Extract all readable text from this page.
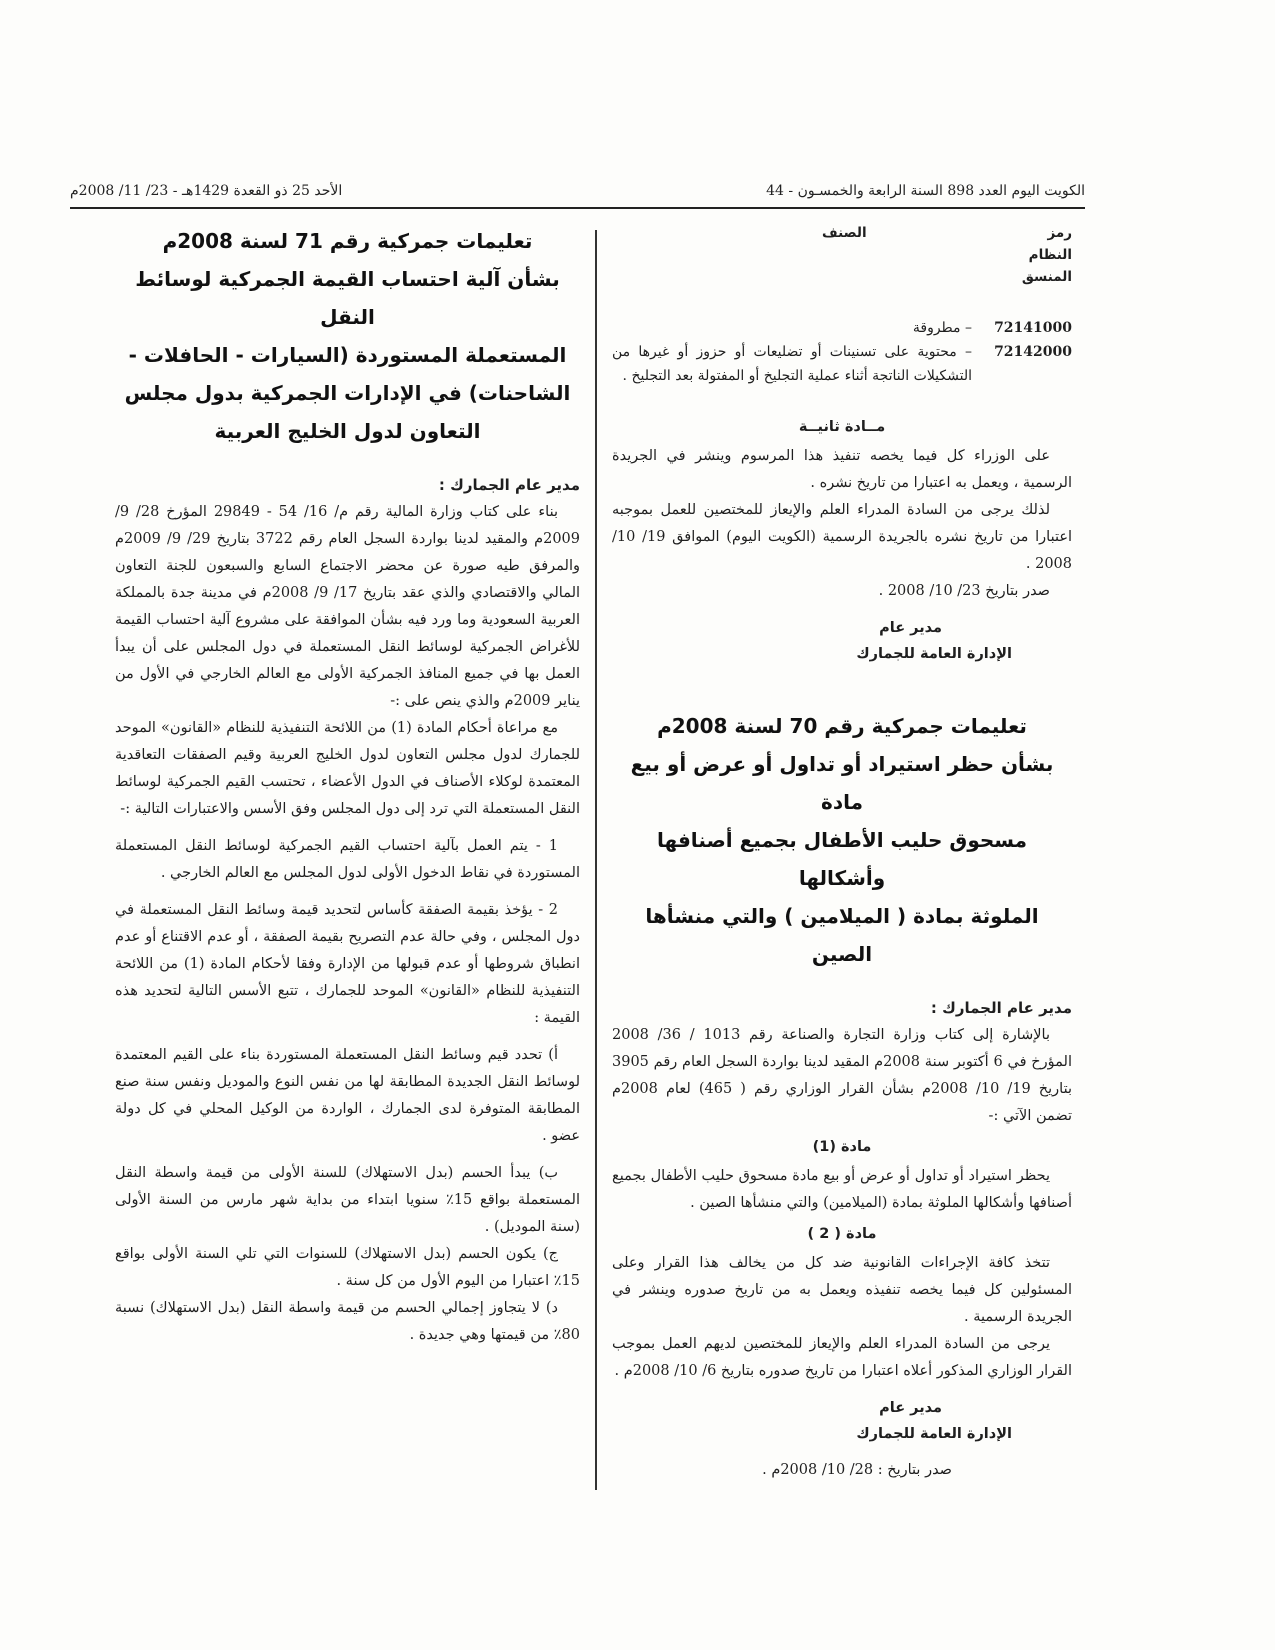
الكويت اليوم العدد 898 السنة الرابعة والخمسـون - 44
الأحد 25 ذو القعدة 1429هـ - 23/ 11/ 2008م
رمز النظام المنسق
الصنف
72141000
– مطروقة
72142000
– محتوية على تسنينات أو تضليعات أو حزوز أو غيرها من التشكيلات الناتجة أثناء عملية التجليخ أو المفتولة بعد التجليخ .
مــادة ثانيــة

على الوزراء كل فيما يخصه تنفيذ هذا المرسوم وينشر في الجريدة الرسمية ، ويعمل به اعتبارا من تاريخ نشره .

لذلك يرجى من السادة المدراء العلم والإيعاز للمختصين للعمل بموجبه اعتبارا من تاريخ نشره بالجريدة الرسمية (الكويت اليوم) الموافق 19/ 10/ 2008 .

صدر بتاريخ 23/ 10/ 2008 .

مدير عام
الإدارة العامة للجمارك
تعليمات جمركية رقم 70 لسنة 2008م
بشأن حظر استيراد أو تداول أو عرض أو بيع مادة
مسحوق حليب الأطفال بجميع أصنافها وأشكالها
الملوثة بمادة ( الميلامين ) والتي منشأها الصين
مدير عام الجمارك :

بالإشارة إلى كتاب وزارة التجارة والصناعة رقم 1013 / 36/ 2008 المؤرخ في 6 أكتوبر سنة 2008م المقيد لدينا بواردة السجل العام رقم 3905 بتاريخ 19/ 10/ 2008م بشأن القرار الوزاري رقم ( 465) لعام 2008م تضمن الآتي :-

مادة (1)

يحظر استيراد أو تداول أو عرض أو بيع مادة مسحوق حليب الأطفال بجميع أصنافها وأشكالها الملوثة بمادة (الميلامين) والتي منشأها الصين .

مادة ( 2 )

تتخذ كافة الإجراءات القانونية ضد كل من يخالف هذا القرار وعلى المسئولين كل فيما يخصه تنفيذه ويعمل به من تاريخ صدوره وينشر في الجريدة الرسمية .

يرجى من السادة المدراء العلم والإيعاز للمختصين لديهم العمل بموجب القرار الوزاري المذكور أعلاه اعتبارا من تاريخ صدوره بتاريخ 6/ 10/ 2008م .

مدير عام
الإدارة العامة للجمارك

صدر بتاريخ : 28/ 10/ 2008م .

تعليمات جمركية رقم 71 لسنة 2008م
بشأن آلية احتساب القيمة الجمركية لوسائط النقل
المستعملة المستوردة (السيارات - الحافلات -
الشاحنات) في الإدارات الجمركية بدول مجلس
التعاون لدول الخليج العربية
مدير عام الجمارك :

بناء على كتاب وزارة المالية رقم م/ 16/ 54 - 29849 المؤرخ 28/ 9/ 2009م والمقيد لدينا بواردة السجل العام رقم 3722 بتاريخ 29/ 9/ 2009م والمرفق طيه صورة عن محضر الاجتماع السابع والسبعون للجنة التعاون المالي والاقتصادي والذي عقد بتاريخ 17/ 9/ 2008م في مدينة جدة بالمملكة العربية السعودية وما ورد فيه بشأن الموافقة على مشروع آلية احتساب القيمة للأغراض الجمركية لوسائط النقل المستعملة في دول المجلس على أن يبدأ العمل بها في جميع المنافذ الجمركية الأولى مع العالم الخارجي في الأول من يناير 2009م والذي ينص على :-

مع مراعاة أحكام المادة (1) من اللائحة التنفيذية للنظام «القانون» الموحد للجمارك لدول مجلس التعاون لدول الخليج العربية وقيم الصفقات التعاقدية المعتمدة لوكلاء الأصناف في الدول الأعضاء ، تحتسب القيم الجمركية لوسائط النقل المستعملة التي ترد إلى دول المجلس وفق الأسس والاعتبارات التالية :-

1 - يتم العمل بآلية احتساب القيم الجمركية لوسائط النقل المستعملة المستوردة في نقاط الدخول الأولى لدول المجلس مع العالم الخارجي .

2 - يؤخذ بقيمة الصفقة كأساس لتحديد قيمة وسائط النقل المستعملة في دول المجلس ، وفي حالة عدم التصريح بقيمة الصفقة ، أو عدم الاقتناع أو عدم انطباق شروطها أو عدم قبولها من الإدارة وفقا لأحكام المادة (1) من اللائحة التنفيذية للنظام «القانون» الموحد للجمارك ، تتبع الأسس التالية لتحديد هذه القيمة :

أ) تحدد قيم وسائط النقل المستعملة المستوردة بناء على القيم المعتمدة لوسائط النقل الجديدة المطابقة لها من نفس النوع والموديل ونفس سنة صنع المطابقة المتوفرة لدى الجمارك ، الواردة من الوكيل المحلي في كل دولة عضو .

ب) يبدأ الحسم (بدل الاستهلاك) للسنة الأولى من قيمة واسطة النقل المستعملة بواقع 15٪ سنويا ابتداء من بداية شهر مارس من السنة الأولى (سنة الموديل) .

ج) يكون الحسم (بدل الاستهلاك) للسنوات التي تلي السنة الأولى بواقع 15٪ اعتبارا من اليوم الأول من كل سنة .

د) لا يتجاوز إجمالي الحسم من قيمة واسطة النقل (بدل الاستهلاك) نسبة 80٪ من قيمتها وهي جديدة .
